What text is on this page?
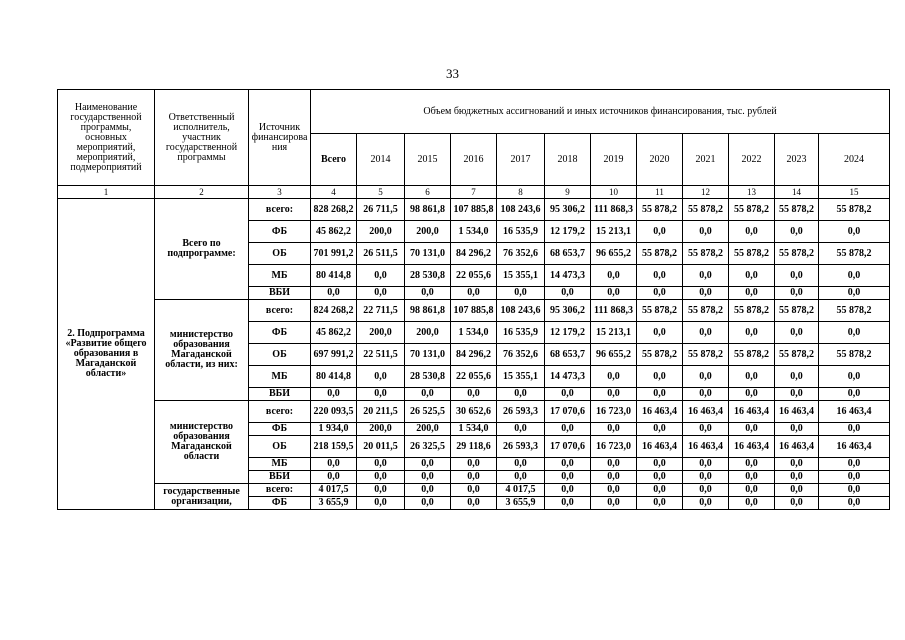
33
Наименование государственной программы, основных мероприятий, мероприятий, подмероприятий	Ответственный исполнитель, участник государственной программы	Источник финансирова ния	Объем бюджетных ассигнований и иных источников финансирования, тыс. рублей											
			Всего	2014	2015	2016	2017	2018	2019	2020	2021	2022	2023	2024
1	2	3	4	5	6	7	8	9	10	11	12	13	14	15
2. Подпрограмма «Развитие общего образования в Магаданской области»	Всего по подпрограмме:	всего:	828 268,2	26 711,5	98 861,8	107 885,8	108 243,6	95 306,2	111 868,3	55 878,2	55 878,2	55 878,2	55 878,2	55 878,2
		ФБ	45 862,2	200,0	200,0	1 534,0	16 535,9	12 179,2	15 213,1	0,0	0,0	0,0	0,0	0,0
		ОБ	701 991,2	26 511,5	70 131,0	84 296,2	76 352,6	68 653,7	96 655,2	55 878,2	55 878,2	55 878,2	55 878,2	55 878,2
		МБ	80 414,8	0,0	28 530,8	22 055,6	15 355,1	14 473,3	0,0	0,0	0,0	0,0	0,0	0,0
		ВБИ	0,0	0,0	0,0	0,0	0,0	0,0	0,0	0,0	0,0	0,0	0,0	0,0
	министерство образования Магаданской области, из них:	всего:	824 268,2	22 711,5	98 861,8	107 885,8	108 243,6	95 306,2	111 868,3	55 878,2	55 878,2	55 878,2	55 878,2	55 878,2
		ФБ	45 862,2	200,0	200,0	1 534,0	16 535,9	12 179,2	15 213,1	0,0	0,0	0,0	0,0	0,0
		ОБ	697 991,2	22 511,5	70 131,0	84 296,2	76 352,6	68 653,7	96 655,2	55 878,2	55 878,2	55 878,2	55 878,2	55 878,2
		МБ	80 414,8	0,0	28 530,8	22 055,6	15 355,1	14 473,3	0,0	0,0	0,0	0,0	0,0	0,0
		ВБИ	0,0	0,0	0,0	0,0	0,0	0,0	0,0	0,0	0,0	0,0	0,0	0,0
	министерство образования Магаданской области	всего:	220 093,5	20 211,5	26 525,5	30 652,6	26 593,3	17 070,6	16 723,0	16 463,4	16 463,4	16 463,4	16 463,4	16 463,4
		ФБ	1 934,0	200,0	200,0	1 534,0	0,0	0,0	0,0	0,0	0,0	0,0	0,0	0,0
		ОБ	218 159,5	20 011,5	26 325,5	29 118,6	26 593,3	17 070,6	16 723,0	16 463,4	16 463,4	16 463,4	16 463,4	16 463,4
		МБ	0,0	0,0	0,0	0,0	0,0	0,0	0,0	0,0	0,0	0,0	0,0	0,0
		ВБИ	0,0	0,0	0,0	0,0	0,0	0,0	0,0	0,0	0,0	0,0	0,0	0,0
	государственные организации,	всего:	4 017,5	0,0	0,0	0,0	4 017,5	0,0	0,0	0,0	0,0	0,0	0,0	0,0
		ФБ	3 655,9	0,0	0,0	0,0	3 655,9	0,0	0,0	0,0	0,0	0,0	0,0	0,0
